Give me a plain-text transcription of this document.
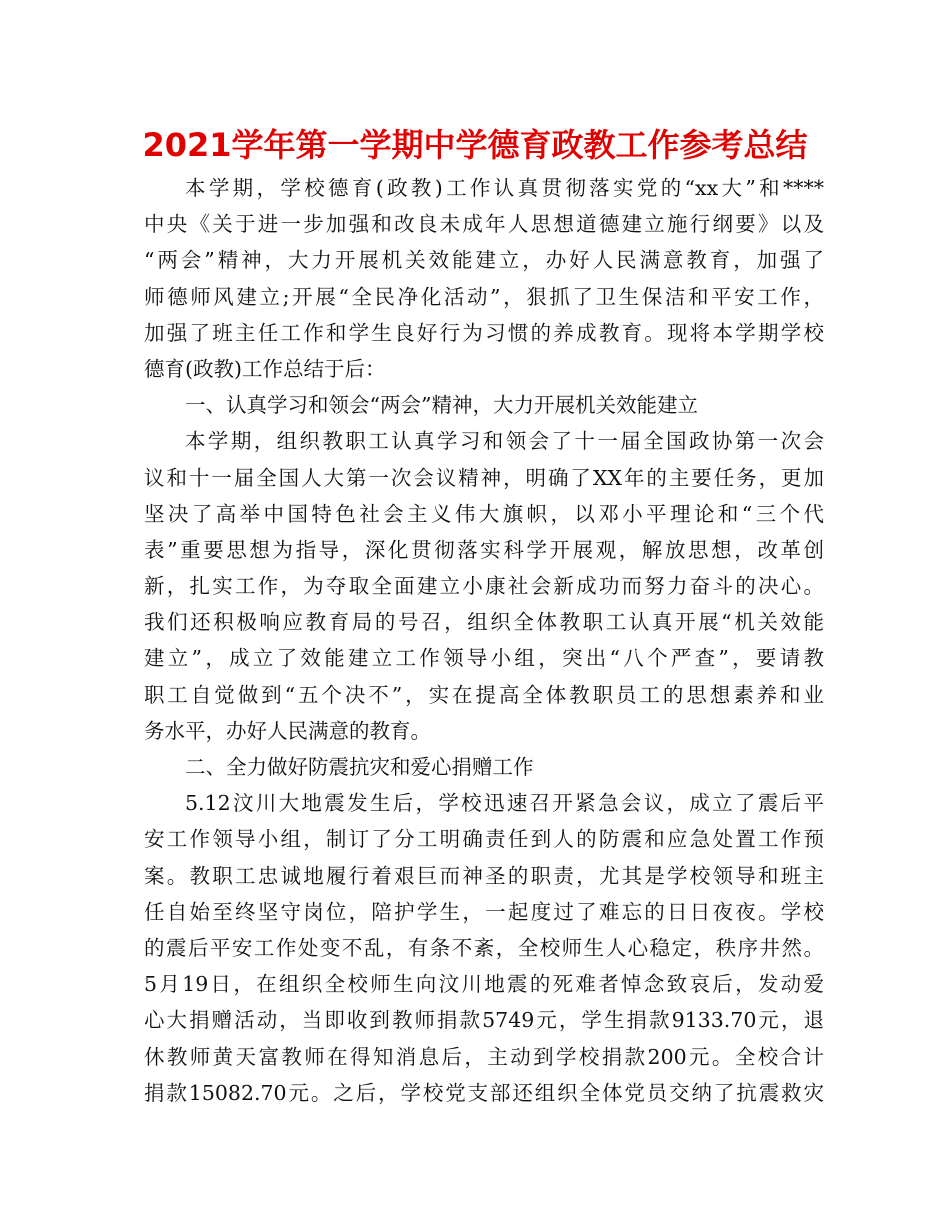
2021学年第一学期中学德育政教工作参考总结
本学期，学校德育(政教)工作认真贯彻落实党的“xx大”和****
中央《关于进一步加强和改良未成年人思想道德建立施行纲要》以及
“两会”精神，大力开展机关效能建立，办好人民满意教育，加强了
师德师风建立;开展“全民净化活动”，狠抓了卫生保洁和平安工作，
加强了班主任工作和学生良好行为习惯的养成教育。现将本学期学校
德育(政教)工作总结于后：
一、认真学习和领会“两会”精神，大力开展机关效能建立
本学期，组织教职工认真学习和领会了十一届全国政协第一次会
议和十一届全国人大第一次会议精神，明确了XX年的主要任务，更加
坚决了高举中国特色社会主义伟大旗帜，以邓小平理论和“三个代
表”重要思想为指导，深化贯彻落实科学开展观，解放思想，改革创
新，扎实工作，为夺取全面建立小康社会新成功而努力奋斗的决心。
我们还积极响应教育局的号召，组织全体教职工认真开展“机关效能
建立”，成立了效能建立工作领导小组，突出“八个严查”，要请教
职工自觉做到“五个决不”，实在提高全体教职员工的思想素养和业
务水平，办好人民满意的教育。
二、全力做好防震抗灾和爱心捐赠工作
5.12汶川大地震发生后，学校迅速召开紧急会议，成立了震后平
安工作领导小组，制订了分工明确责任到人的防震和应急处置工作预
案。教职工忠诚地履行着艰巨而神圣的职责，尤其是学校领导和班主
任自始至终坚守岗位，陪护学生，一起度过了难忘的日日夜夜。学校
的震后平安工作处变不乱，有条不紊，全校师生人心稳定，秩序井然。
5月19日，在组织全校师生向汶川地震的死难者悼念致哀后，发动爱
心大捐赠活动，当即收到教师捐款5749元，学生捐款9133.70元，退
休教师黄天富教师在得知消息后，主动到学校捐款200元。全校合计
捐款15082.70元。之后，学校党支部还组织全体党员交纳了抗震救灾
